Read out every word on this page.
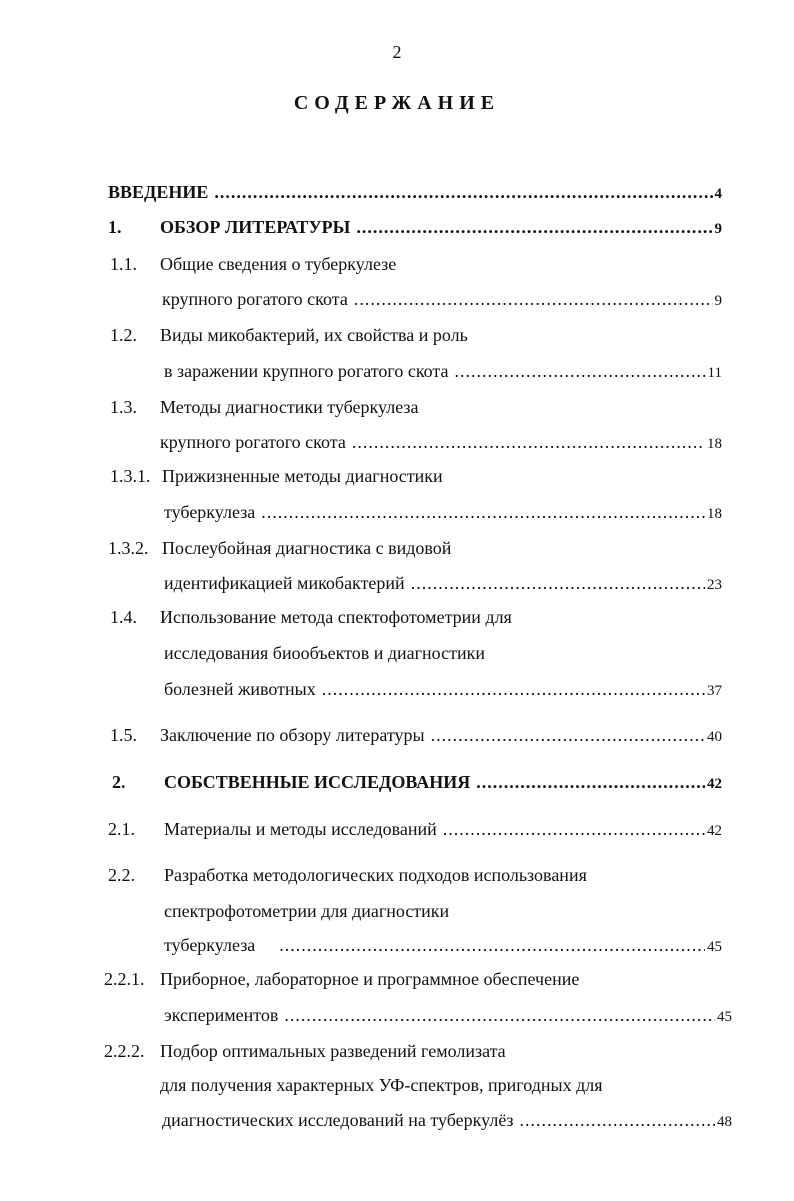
2
СОДЕРЖАНИЕ
ВВЕДЕНИЕ .....	4
1. ОБЗОР ЛИТЕРАТУРЫ .....	9
1.1. Общие сведения о туберкулезе
крупного рогатого скота .....	9
1.2. Виды микобактерий, их свойства и роль
в заражении крупного рогатого скота .....	11
1.3. Методы диагностики туберкулеза
крупного рогатого скота .....	18
1.3.1. Прижизненные методы диагностики
туберкулеза .....	18
1.3.2. Послеубойная диагностика с видовой
идентификацией микобактерий .....	23
1.4. Использование метода спектофотометрии для
исследования биообъектов и диагностики
болезней животных .....	37
1.5. Заключение по обзору литературы .....	40
2. СОБСТВЕННЫЕ ИССЛЕДОВАНИЯ .....	42
2.1. Материалы и методы исследований .....	42
2.2. Разработка методологических подходов использования
спектрофотометрии для диагностики
туберкулеза .....	45
2.2.1. Приборное, лабораторное и программное обеспечение
экспериментов .....	45
2.2.2. Подбор оптимальных разведений гемолизата
для получения характерных УФ-спектров, пригодных для
диагностических исследований на туберкулёз .....	48
